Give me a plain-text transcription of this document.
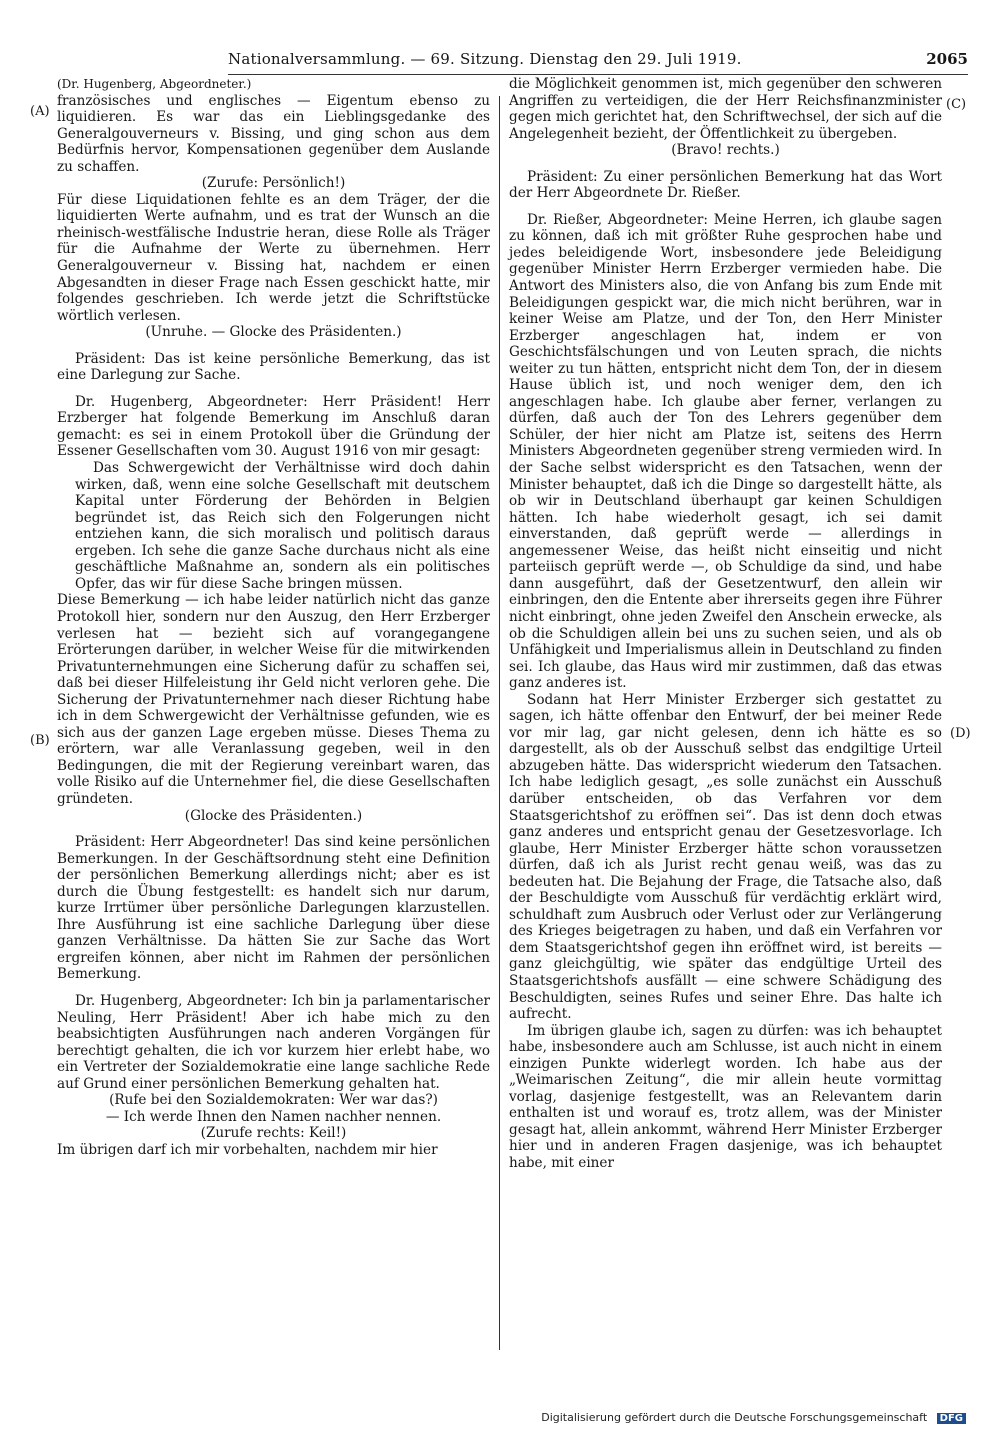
Nationalversammlung. — 69. Sitzung. Dienstag den 29. Juli 1919.	2065
(A)
(B)
(C)
(D)

(Dr. Hugenberg, Abgeordneter.)

französisches und englisches — Eigentum ebenso zu liquidieren. Es war das ein Lieblingsgedanke des Generalgouverneurs v. Bissing, und ging schon aus dem Bedürfnis hervor, Kompensationen gegenüber dem Auslande zu schaffen.

(Zurufe: Persönlich!)

Für diese Liquidationen fehlte es an dem Träger, der die liquidierten Werte aufnahm, und es trat der Wunsch an die rheinisch-westfälische Industrie heran, diese Rolle als Träger für die Aufnahme der Werte zu übernehmen. Herr Generalgouverneur v. Bissing hat, nachdem er einen Abgesandten in dieser Frage nach Essen geschickt hatte, mir folgendes geschrieben. Ich werde jetzt die Schriftstücke wörtlich verlesen.

(Unruhe. — Glocke des Präsidenten.)

Präsident: Das ist keine persönliche Bemerkung, das ist eine Darlegung zur Sache.

Dr. Hugenberg, Abgeordneter: Herr Präsident! Herr Erzberger hat folgende Bemerkung im Anschluß daran gemacht: es sei in einem Protokoll über die Gründung der Essener Gesellschaften vom 30. August 1916 von mir gesagt:

Das Schwergewicht der Verhältnisse wird doch dahin wirken, daß, wenn eine solche Gesellschaft mit deutschem Kapital unter Förderung der Behörden in Belgien begründet ist, das Reich sich den Folgerungen nicht entziehen kann, die sich moralisch und politisch daraus ergeben. Ich sehe die ganze Sache durchaus nicht als eine geschäftliche Maßnahme an, sondern als ein politisches Opfer, das wir für diese Sache bringen müssen.

Diese Bemerkung — ich habe leider natürlich nicht das ganze Protokoll hier, sondern nur den Auszug, den Herr Erzberger verlesen hat — bezieht sich auf vorangegangene Erörterungen darüber, in welcher Weise für die mitwirkenden Privatunternehmungen eine Sicherung dafür zu schaffen sei, daß bei dieser Hilfeleistung ihr Geld nicht verloren gehe. Die Sicherung der Privatunternehmer nach dieser Richtung habe ich in dem Schwergewicht der Verhältnisse gefunden, wie es sich aus der ganzen Lage ergeben müsse. Dieses Thema zu erörtern, war alle Veranlassung gegeben, weil in den Bedingungen, die mit der Regierung vereinbart waren, das volle Risiko auf die Unternehmer fiel, die diese Gesellschaften gründeten.

(Glocke des Präsidenten.)

Präsident: Herr Abgeordneter! Das sind keine persönlichen Bemerkungen. In der Geschäftsordnung steht eine Definition der persönlichen Bemerkung allerdings nicht; aber es ist durch die Übung festgestellt: es handelt sich nur darum, kurze Irrtümer über persönliche Darlegungen klarzustellen. Ihre Ausführung ist eine sachliche Darlegung über diese ganzen Verhältnisse. Da hätten Sie zur Sache das Wort ergreifen können, aber nicht im Rahmen der persönlichen Bemerkung.

Dr. Hugenberg, Abgeordneter: Ich bin ja parlamentarischer Neuling, Herr Präsident! Aber ich habe mich zu den beabsichtigten Ausführungen nach anderen Vorgängen für berechtigt gehalten, die ich vor kurzem hier erlebt habe, wo ein Vertreter der Sozialdemokratie eine lange sachliche Rede auf Grund einer persönlichen Bemerkung gehalten hat.

(Rufe bei den Sozialdemokraten: Wer war das?)

— Ich werde Ihnen den Namen nachher nennen.

(Zurufe rechts: Keil!)

Im übrigen darf ich mir vorbehalten, nachdem mir hier

die Möglichkeit genommen ist, mich gegenüber den schweren Angriffen zu verteidigen, die der Herr Reichsfinanzminister gegen mich gerichtet hat, den Schriftwechsel, der sich auf die Angelegenheit bezieht, der Öffentlichkeit zu übergeben.

(Bravo! rechts.)

Präsident: Zu einer persönlichen Bemerkung hat das Wort der Herr Abgeordnete Dr. Rießer.

Dr. Rießer, Abgeordneter: Meine Herren, ich glaube sagen zu können, daß ich mit größter Ruhe gesprochen habe und jedes beleidigende Wort, insbesondere jede Beleidigung gegenüber Minister Herrn Erzberger vermieden habe. Die Antwort des Ministers also, die von Anfang bis zum Ende mit Beleidigungen gespickt war, die mich nicht berühren, war in keiner Weise am Platze, und der Ton, den Herr Minister Erzberger angeschlagen hat, indem er von Geschichtsfälschungen und von Leuten sprach, die nichts weiter zu tun hätten, entspricht nicht dem Ton, der in diesem Hause üblich ist, und noch weniger dem, den ich angeschlagen habe. Ich glaube aber ferner, verlangen zu dürfen, daß auch der Ton des Lehrers gegenüber dem Schüler, der hier nicht am Platze ist, seitens des Herrn Ministers Abgeordneten gegenüber streng vermieden wird. In der Sache selbst widerspricht es den Tatsachen, wenn der Minister behauptet, daß ich die Dinge so dargestellt hätte, als ob wir in Deutschland überhaupt gar keinen Schuldigen hätten. Ich habe wiederholt gesagt, ich sei damit einverstanden, daß geprüft werde — allerdings in angemessener Weise, das heißt nicht einseitig und nicht parteiisch geprüft werde —, ob Schuldige da sind, und habe dann ausgeführt, daß der Gesetzentwurf, den allein wir einbringen, den die Entente aber ihrerseits gegen ihre Führer nicht einbringt, ohne jeden Zweifel den Anschein erwecke, als ob die Schuldigen allein bei uns zu suchen seien, und als ob Unfähigkeit und Imperialismus allein in Deutschland zu finden sei. Ich glaube, das Haus wird mir zustimmen, daß das etwas ganz anderes ist.

Sodann hat Herr Minister Erzberger sich gestattet zu sagen, ich hätte offenbar den Entwurf, der bei meiner Rede vor mir lag, gar nicht gelesen, denn ich hätte es so dargestellt, als ob der Ausschuß selbst das endgiltige Urteil abzugeben hätte. Das widerspricht wiederum den Tatsachen. Ich habe lediglich gesagt, „es solle zunächst ein Ausschuß darüber entscheiden, ob das Verfahren vor dem Staatsgerichtshof zu eröffnen sei“. Das ist denn doch etwas ganz anderes und entspricht genau der Gesetzesvorlage. Ich glaube, Herr Minister Erzberger hätte schon voraussetzen dürfen, daß ich als Jurist recht genau weiß, was das zu bedeuten hat. Die Bejahung der Frage, die Tatsache also, daß der Beschuldigte vom Ausschuß für verdächtig erklärt wird, schuldhaft zum Ausbruch oder Verlust oder zur Verlängerung des Krieges beigetragen zu haben, und daß ein Verfahren vor dem Staatsgerichtshof gegen ihn eröffnet wird, ist bereits — ganz gleichgültig, wie später das endgültige Urteil des Staatsgerichtshofs ausfällt — eine schwere Schädigung des Beschuldigten, seines Rufes und seiner Ehre. Das halte ich aufrecht.

Im übrigen glaube ich, sagen zu dürfen: was ich behauptet habe, insbesondere auch am Schlusse, ist auch nicht in einem einzigen Punkte widerlegt worden. Ich habe aus der „Weimarischen Zeitung“, die mir allein heute vormittag vorlag, dasjenige festgestellt, was an Relevantem darin enthalten ist und worauf es, trotz allem, was der Minister gesagt hat, allein ankommt, während Herr Minister Erzberger hier und in anderen Fragen dasjenige, was ich behauptet habe, mit einer

Digitalisierung gefördert durch die Deutsche Forschungsgemeinschaft DFG
